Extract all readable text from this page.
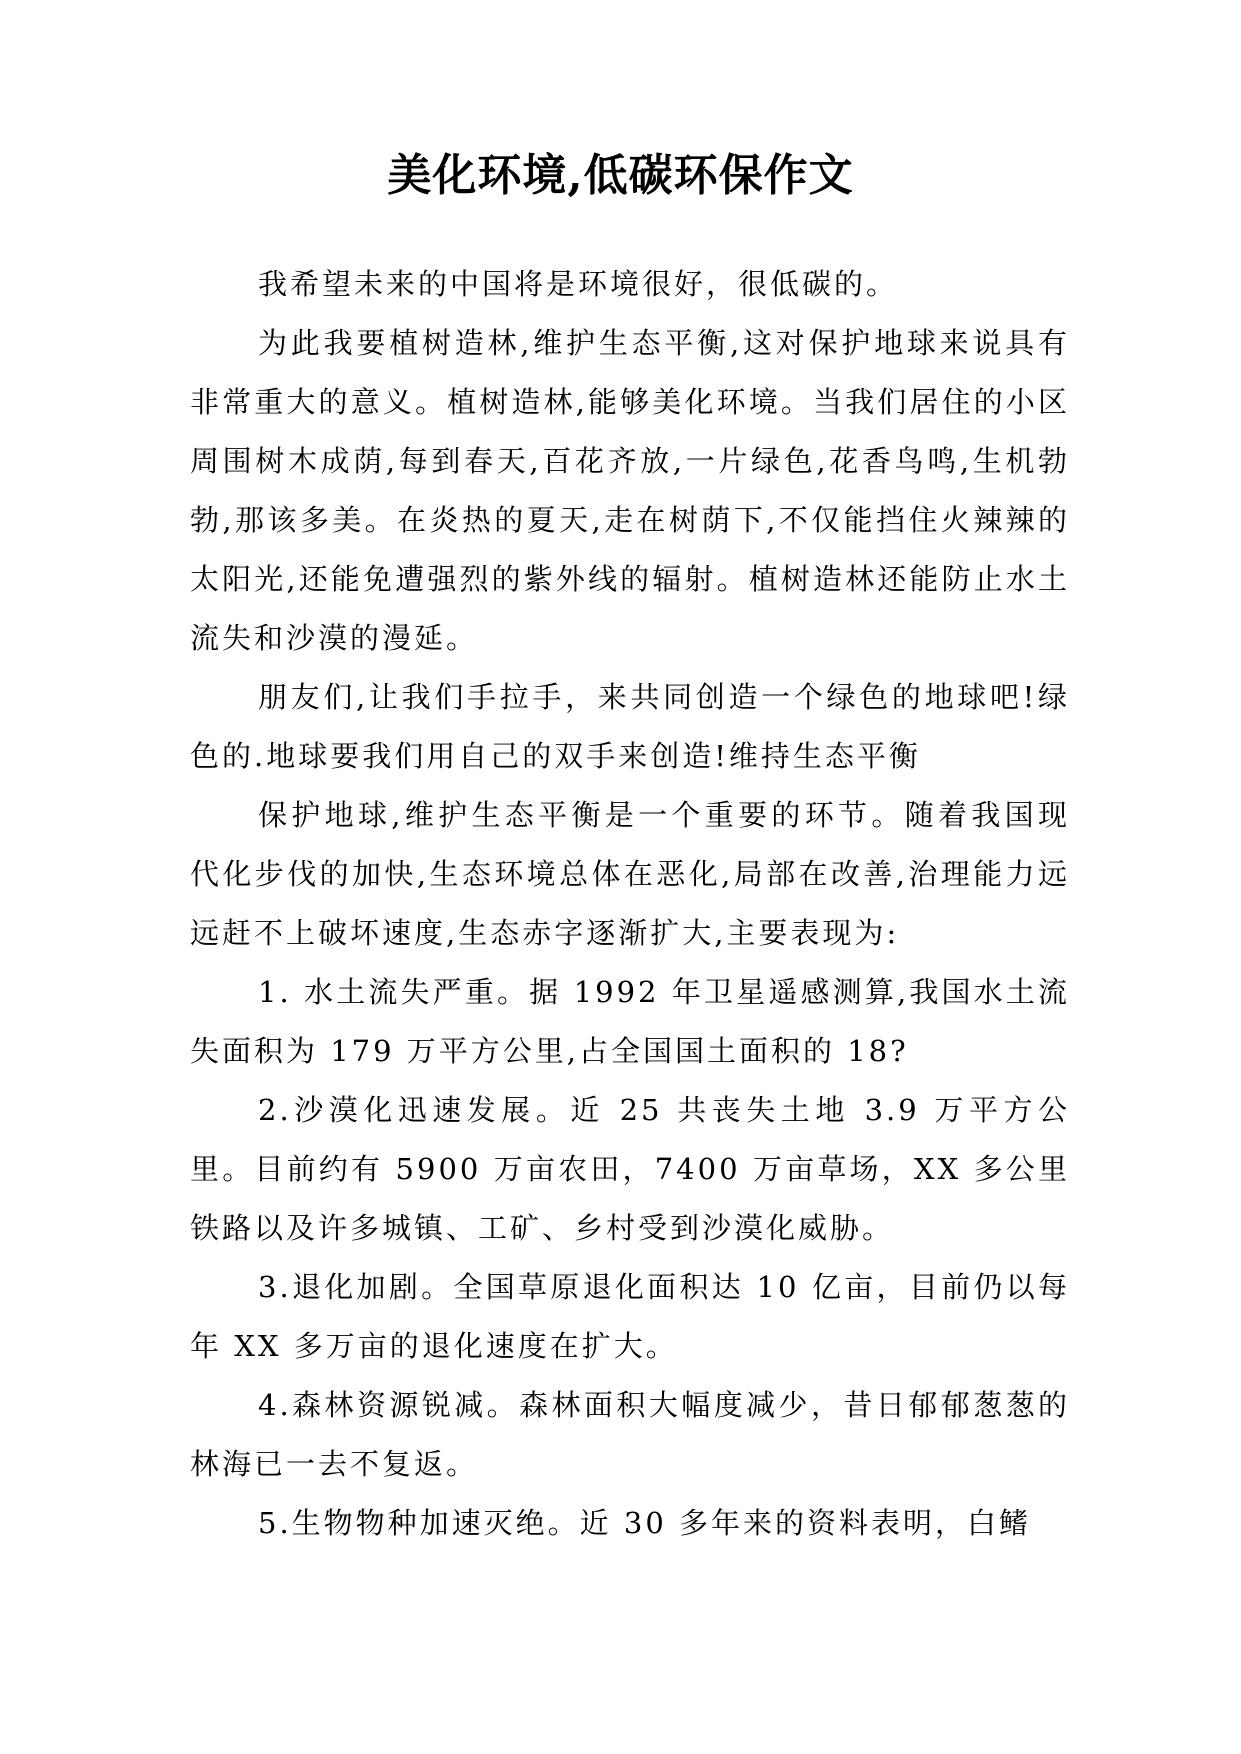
美化环境,低碳环保作文

我希望未来的中国将是环境很好，很低碳的。

为此我要植树造林,维护生态平衡,这对保护地球来说具有非常重大的意义。植树造林,能够美化环境。当我们居住的小区周围树木成荫,每到春天,百花齐放,一片绿色,花香鸟鸣,生机勃勃,那该多美。在炎热的夏天,走在树荫下,不仅能挡住火辣辣的太阳光,还能免遭强烈的紫外线的辐射。植树造林还能防止水土流失和沙漠的漫延。

朋友们,让我们手拉手，来共同创造一个绿色的地球吧!绿色的.地球要我们用自己的双手来创造!维持生态平衡

保护地球,维护生态平衡是一个重要的环节。随着我国现代化步伐的加快,生态环境总体在恶化,局部在改善,治理能力远远赶不上破坏速度,生态赤字逐渐扩大,主要表现为:

1. 水土流失严重。据 1992 年卫星遥感测算,我国水土流失面积为 179 万平方公里,占全国国土面积的 18?

2.沙漠化迅速发展。近 25 共丧失土地 3.9 万平方公里。目前约有 5900 万亩农田，7400 万亩草场，XX 多公里铁路以及许多城镇、工矿、乡村受到沙漠化威胁。

3.退化加剧。全国草原退化面积达 10 亿亩，目前仍以每年 XX 多万亩的退化速度在扩大。

4.森林资源锐减。森林面积大幅度减少，昔日郁郁葱葱的林海已一去不复返。

5.生物物种加速灭绝。近 30 多年来的资料表明，白鳍
